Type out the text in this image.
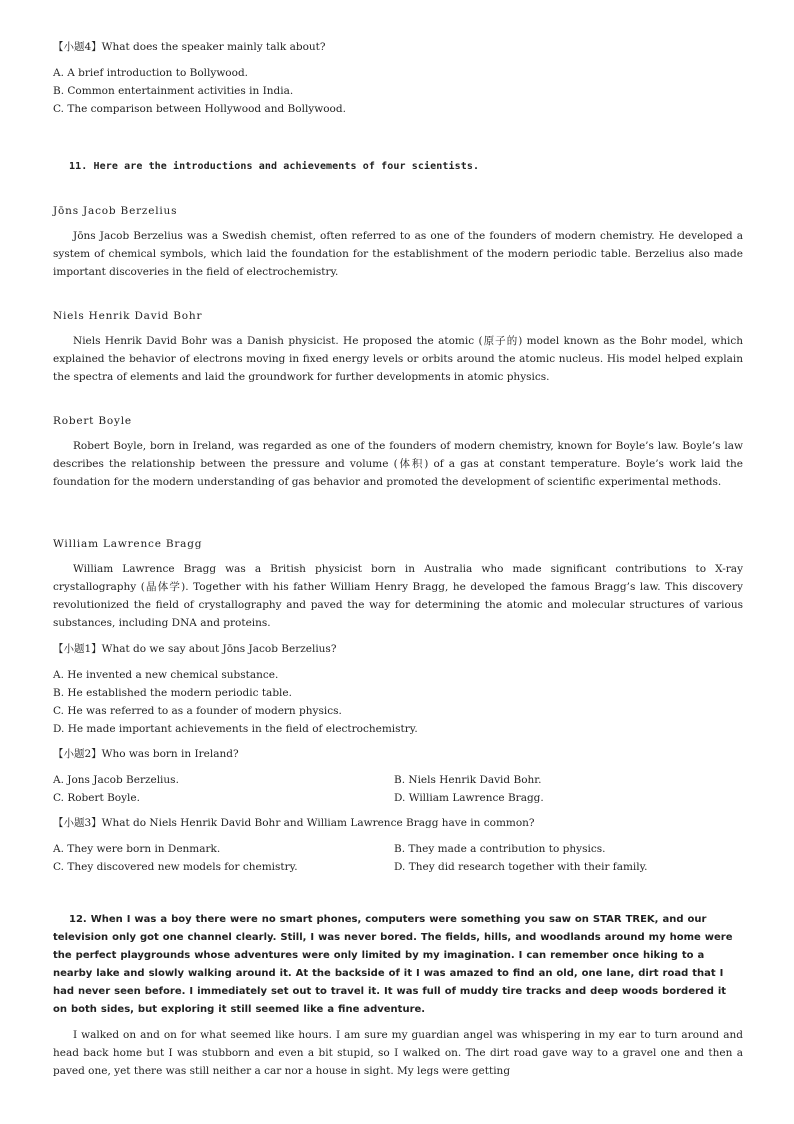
【小题4】What does the speaker mainly talk about?
A. A brief introduction to Bollywood.
B. Common entertainment activities in India.
C. The comparison between Hollywood and Bollywood.
11. Here are the introductions and achievements of four scientists.
Jōns Jacob Berzelius
Jōns Jacob Berzelius was a Swedish chemist, often referred to as one of the founders of modern chemistry. He developed a system of chemical symbols, which laid the foundation for the establishment of the modern periodic table. Berzelius also made important discoveries in the field of electrochemistry.
Niels Henrik David Bohr
Niels Henrik David Bohr was a Danish physicist. He proposed the atomic (原子的) model known as the Bohr model, which explained the behavior of electrons moving in fixed energy levels or orbits around the atomic nucleus. His model helped explain the spectra of elements and laid the groundwork for further developments in atomic physics.
Robert Boyle
Robert Boyle, born in Ireland, was regarded as one of the founders of modern chemistry, known for Boyle’s law. Boyle’s law describes the relationship between the pressure and volume (体积) of a gas at constant temperature. Boyle’s work laid the foundation for the modern understanding of gas behavior and promoted the development of scientific experimental methods.
William Lawrence Bragg
William Lawrence Bragg was a British physicist born in Australia who made significant contributions to X-ray crystallography (晶体学). Together with his father William Henry Bragg, he developed the famous Bragg’s law. This discovery revolutionized the field of crystallography and paved the way for determining the atomic and molecular structures of various substances, including DNA and proteins.
【小题1】What do we say about Jōns Jacob Berzelius?
A. He invented a new chemical substance.
B. He established the modern periodic table.
C. He was referred to as a founder of modern physics.
D. He made important achievements in the field of electrochemistry.
【小题2】Who was born in Ireland?
A. Jons Jacob Berzelius.	B. Niels Henrik David Bohr.
C. Robert Boyle.	D. William Lawrence Bragg.
【小题3】What do Niels Henrik David Bohr and William Lawrence Bragg have in common?
A. They were born in Denmark.	B. They made a contribution to physics.
C. They discovered new models for chemistry.	D. They did research together with their family.
12. When I was a boy there were no smart phones, computers were something you saw on STAR TREK, and our television only got one channel clearly. Still, I was never bored. The fields, hills, and woodlands around my home were the perfect playgrounds whose adventures were only limited by my imagination. I can remember once hiking to a nearby lake and slowly walking around it. At the backside of it I was amazed to find an old, one lane, dirt road that I had never seen before. I immediately set out to travel it. It was full of muddy tire tracks and deep woods bordered it on both sides, but exploring it still seemed like a fine adventure.
I walked on and on for what seemed like hours. I am sure my guardian angel was whispering in my ear to turn around and head back home but I was stubborn and even a bit stupid, so I walked on. The dirt road gave way to a gravel one and then a paved one, yet there was still neither a car nor a house in sight. My legs were getting
